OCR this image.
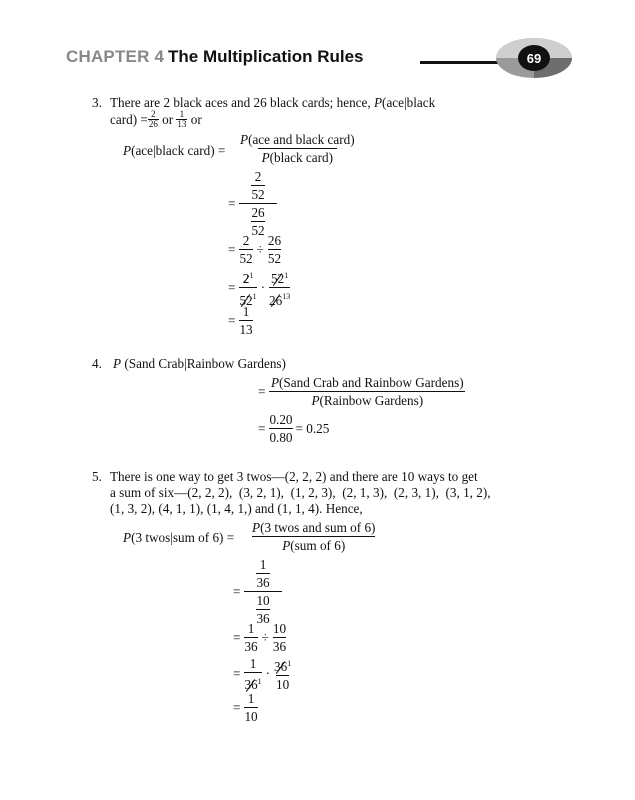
CHAPTER 4 The Multiplication Rules	69
3. There are 2 black aces and 26 black cards; hence, P(ace|black
card) = $\frac{2}{26}$ or $\frac{1}{13}$ or
P(ace|black card) =
P(ace and black card)
P(black card)
= 2
52
26
52
= $\frac{2}{52} \div \frac{26}{52}$
= $\frac{2^1}{52^1}$ ·
$52^1$
$26^{13}$
= $\frac{1}{13}$
4. P (Sand Crab|Rainbow Gardens)
=
P(Sand Crab and Rainbow Gardens)
P(Rainbow Gardens)
= $\frac{0.20}{0.80} = 0.25$
5. There is one way to get 3 twos—(2, 2, 2) and there are 10 ways to get
a sum of six—(2, 2, 2),  (3, 2, 1),  (1, 2, 3),  (2, 1, 3),  (2, 3, 1),  (3, 1, 2),
(1, 3, 2), (4, 1, 1), (1, 4, 1,) and (1, 1, 4). Hence,
P(3 twos|sum of 6) =
P(3 twos and sum of 6)
P(sum of 6)
= 1
36
10
36
= $\frac{1}{36} \div \frac{10}{36}$
= $\frac{1}{36^1} \cdot 36^1$
10
= $\frac{1}{10}$
